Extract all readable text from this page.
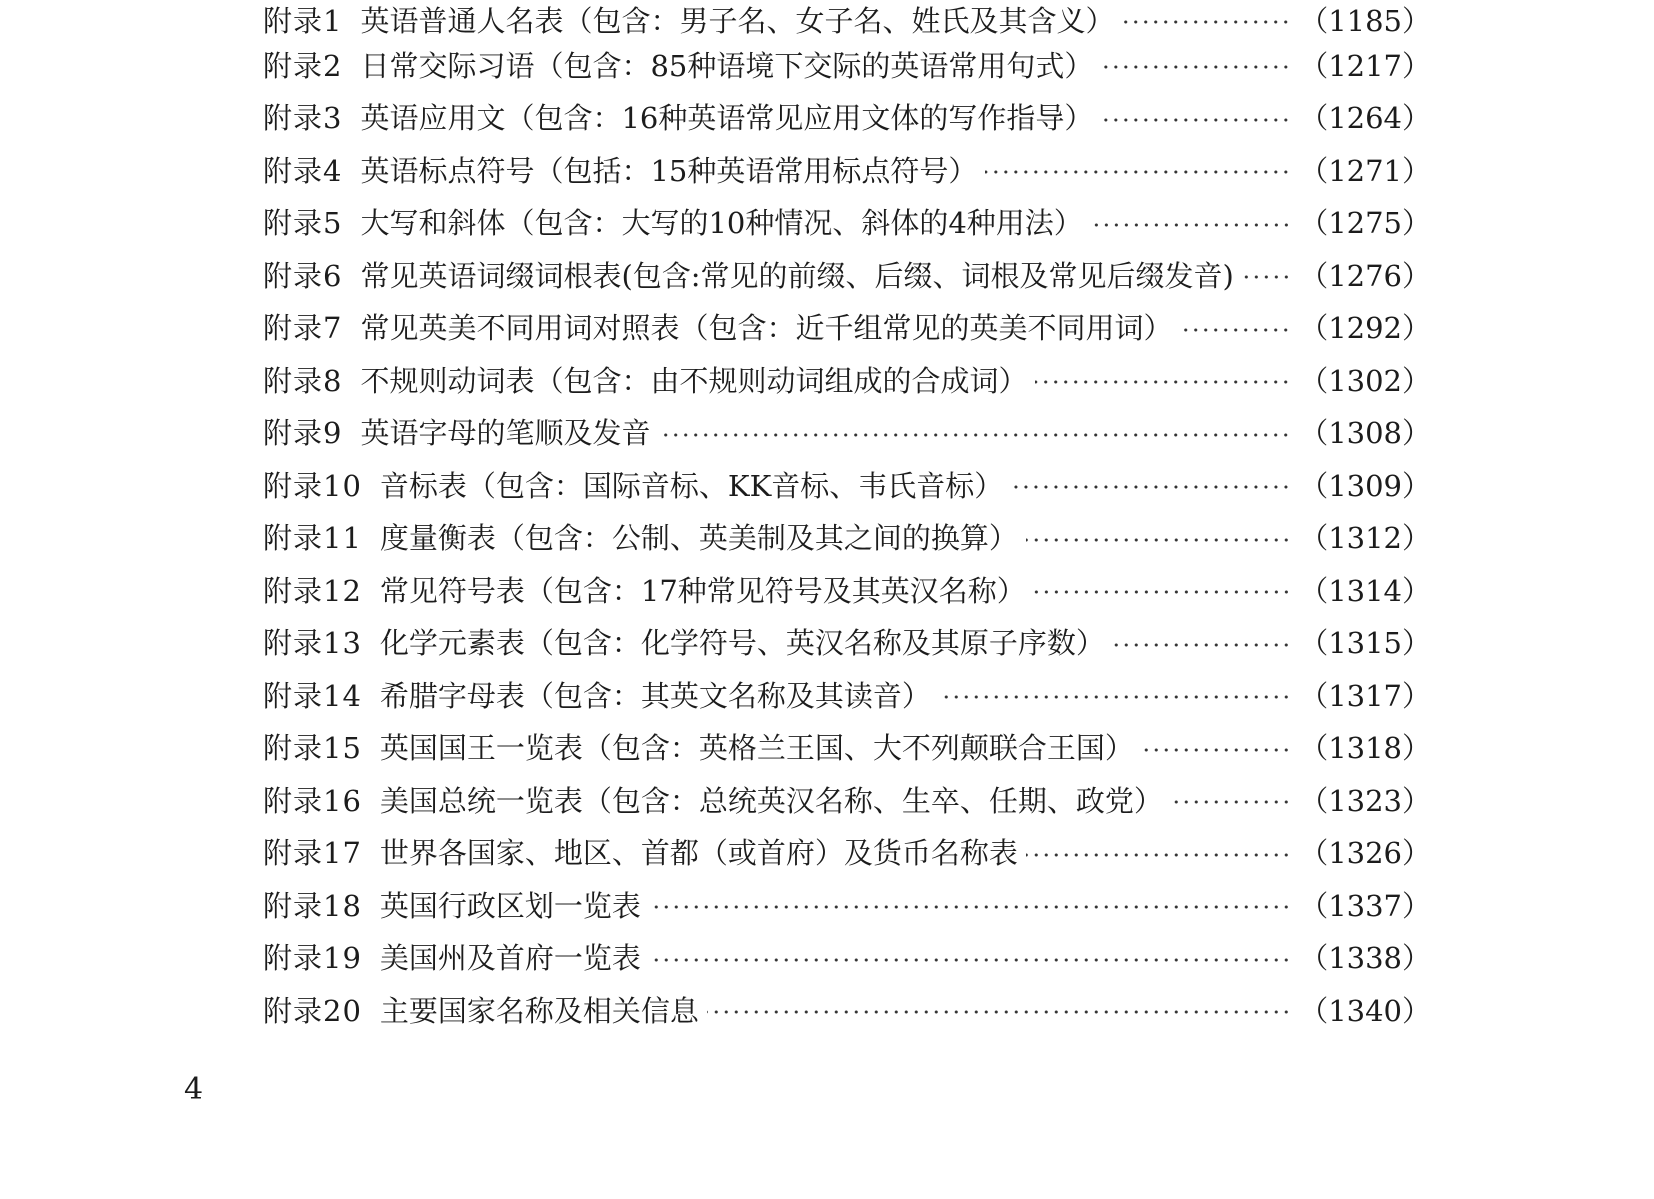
附录1 英语普通人名表（包含：男子名、女子名、姓氏及其含义）	（1185）
附录2 日常交际习语（包含：85种语境下交际的英语常用句式）	（1217）
附录3 英语应用文（包含：16种英语常见应用文体的写作指导）	（1264）
附录4 英语标点符号（包括：15种英语常用标点符号）	（1271）
附录5 大写和斜体（包含：大写的10种情况、斜体的4种用法）	（1275）
附录6 常见英语词缀词根表(包含:常见的前缀、后缀、词根及常见后缀发音) （1276）
附录7 常见英美不同用词对照表（包含：近千组常见的英美不同用词）	（1292）
附录8 不规则动词表（包含：由不规则动词组成的合成词）	（1302）
附录9 英语字母的笔顺及发音	（1308）
附录10 音标表（包含：国际音标、KK音标、韦氏音标）	（1309）
附录11 度量衡表（包含：公制、英美制及其之间的换算）	（1312）
附录12 常见符号表（包含：17种常见符号及其英汉名称）	（1314）
附录13 化学元素表（包含：化学符号、英汉名称及其原子序数）	（1315）
附录14 希腊字母表（包含：其英文名称及其读音）	（1317）
附录15 英国国王一览表（包含：英格兰王国、大不列颠联合王国）	（1318）
附录16 美国总统一览表（包含：总统英汉名称、生卒、任期、政党）	（1323）
附录17 世界各国家、地区、首都（或首府）及货币名称表	（1326）
附录18 英国行政区划一览表	（1337）
附录19 美国州及首府一览表	（1338）
附录20 主要国家名称及相关信息	（1340）
4
